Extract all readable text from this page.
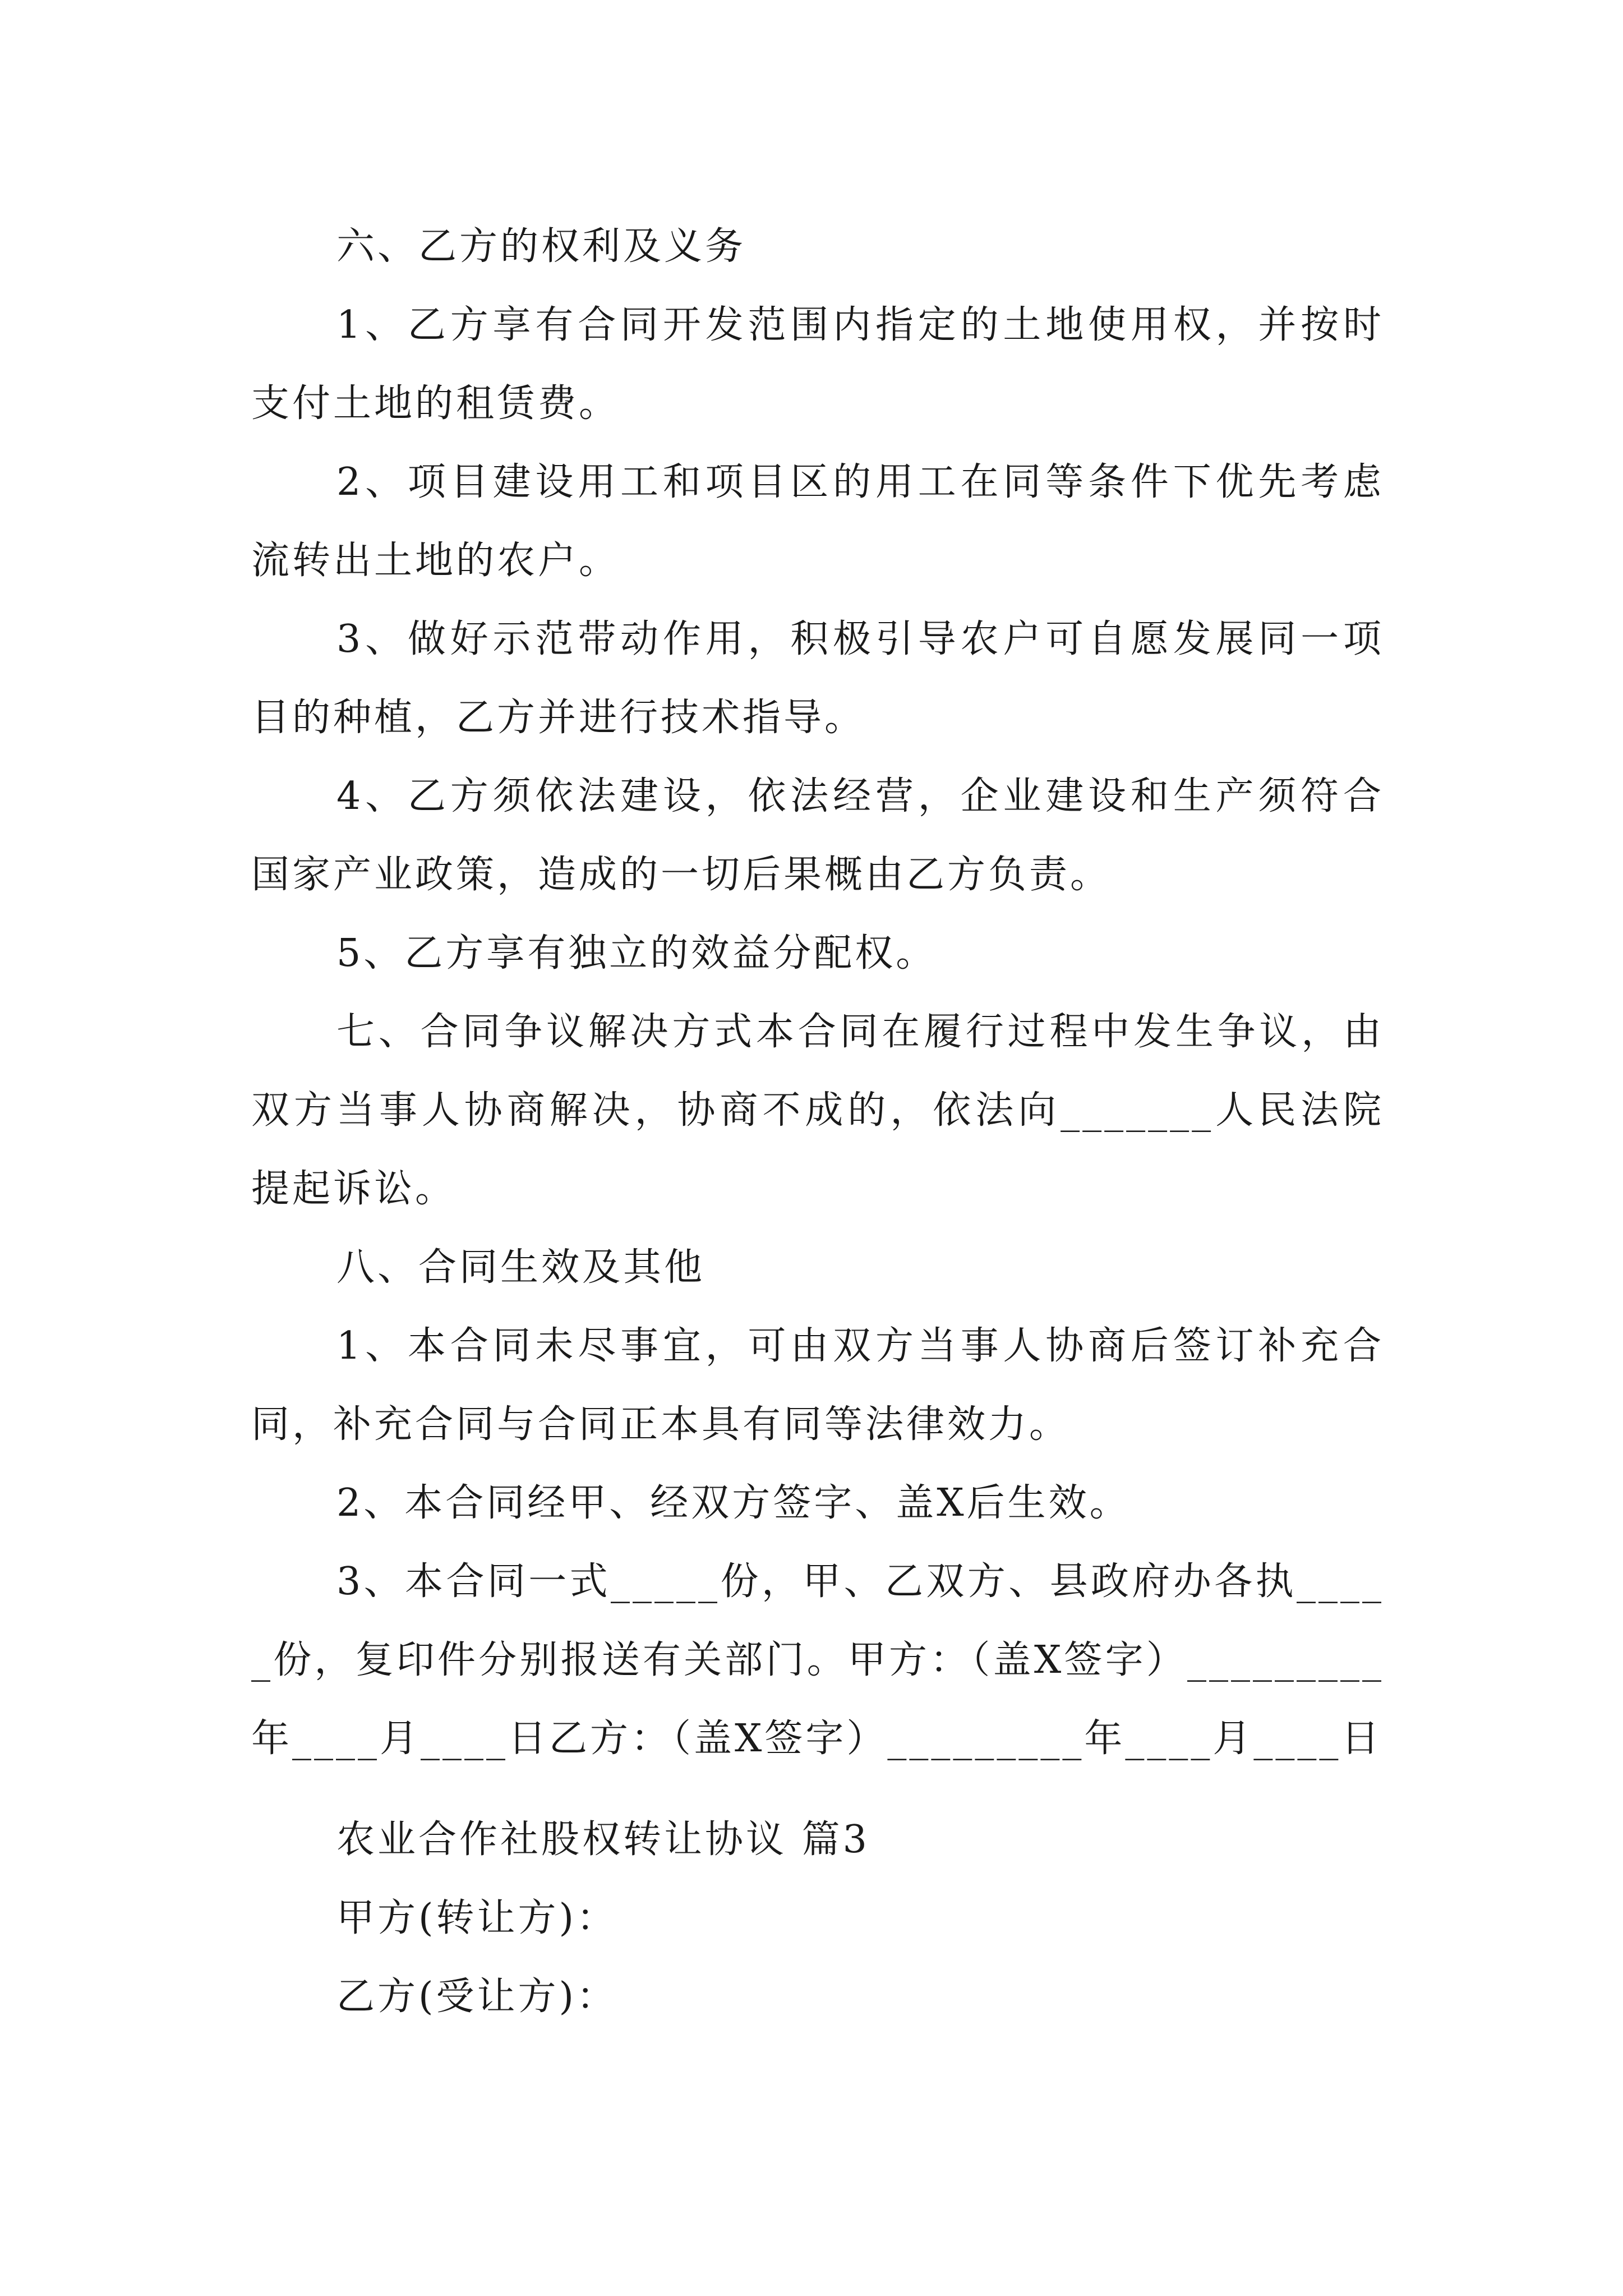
六、乙方的权利及义务

1、乙方享有合同开发范围内指定的土地使用权，并按时支付土地的租赁费。

2、项目建设用工和项目区的用工在同等条件下优先考虑流转出土地的农户。

3、做好示范带动作用，积极引导农户可自愿发展同一项目的种植，乙方并进行技术指导。

4、乙方须依法建设，依法经营，企业建设和生产须符合国家产业政策，造成的一切后果概由乙方负责。

5、乙方享有独立的效益分配权。

七、合同争议解决方式本合同在履行过程中发生争议，由双方当事人协商解决，协商不成的，依法向_______人民法院提起诉讼。

八、合同生效及其他

1、本合同未尽事宜，可由双方当事人协商后签订补充合同，补充合同与合同正本具有同等法律效力。

2、本合同经甲、经双方签字、盖X后生效。

3、本合同一式_____份，甲、乙双方、县政府办各执_____份，复印件分别报送有关部门。甲方：（盖X签字）_________年____月____日乙方：（盖X签字）_________年____月____日

农业合作社股权转让协议 篇3

甲方(转让方)：

乙方(受让方)：
